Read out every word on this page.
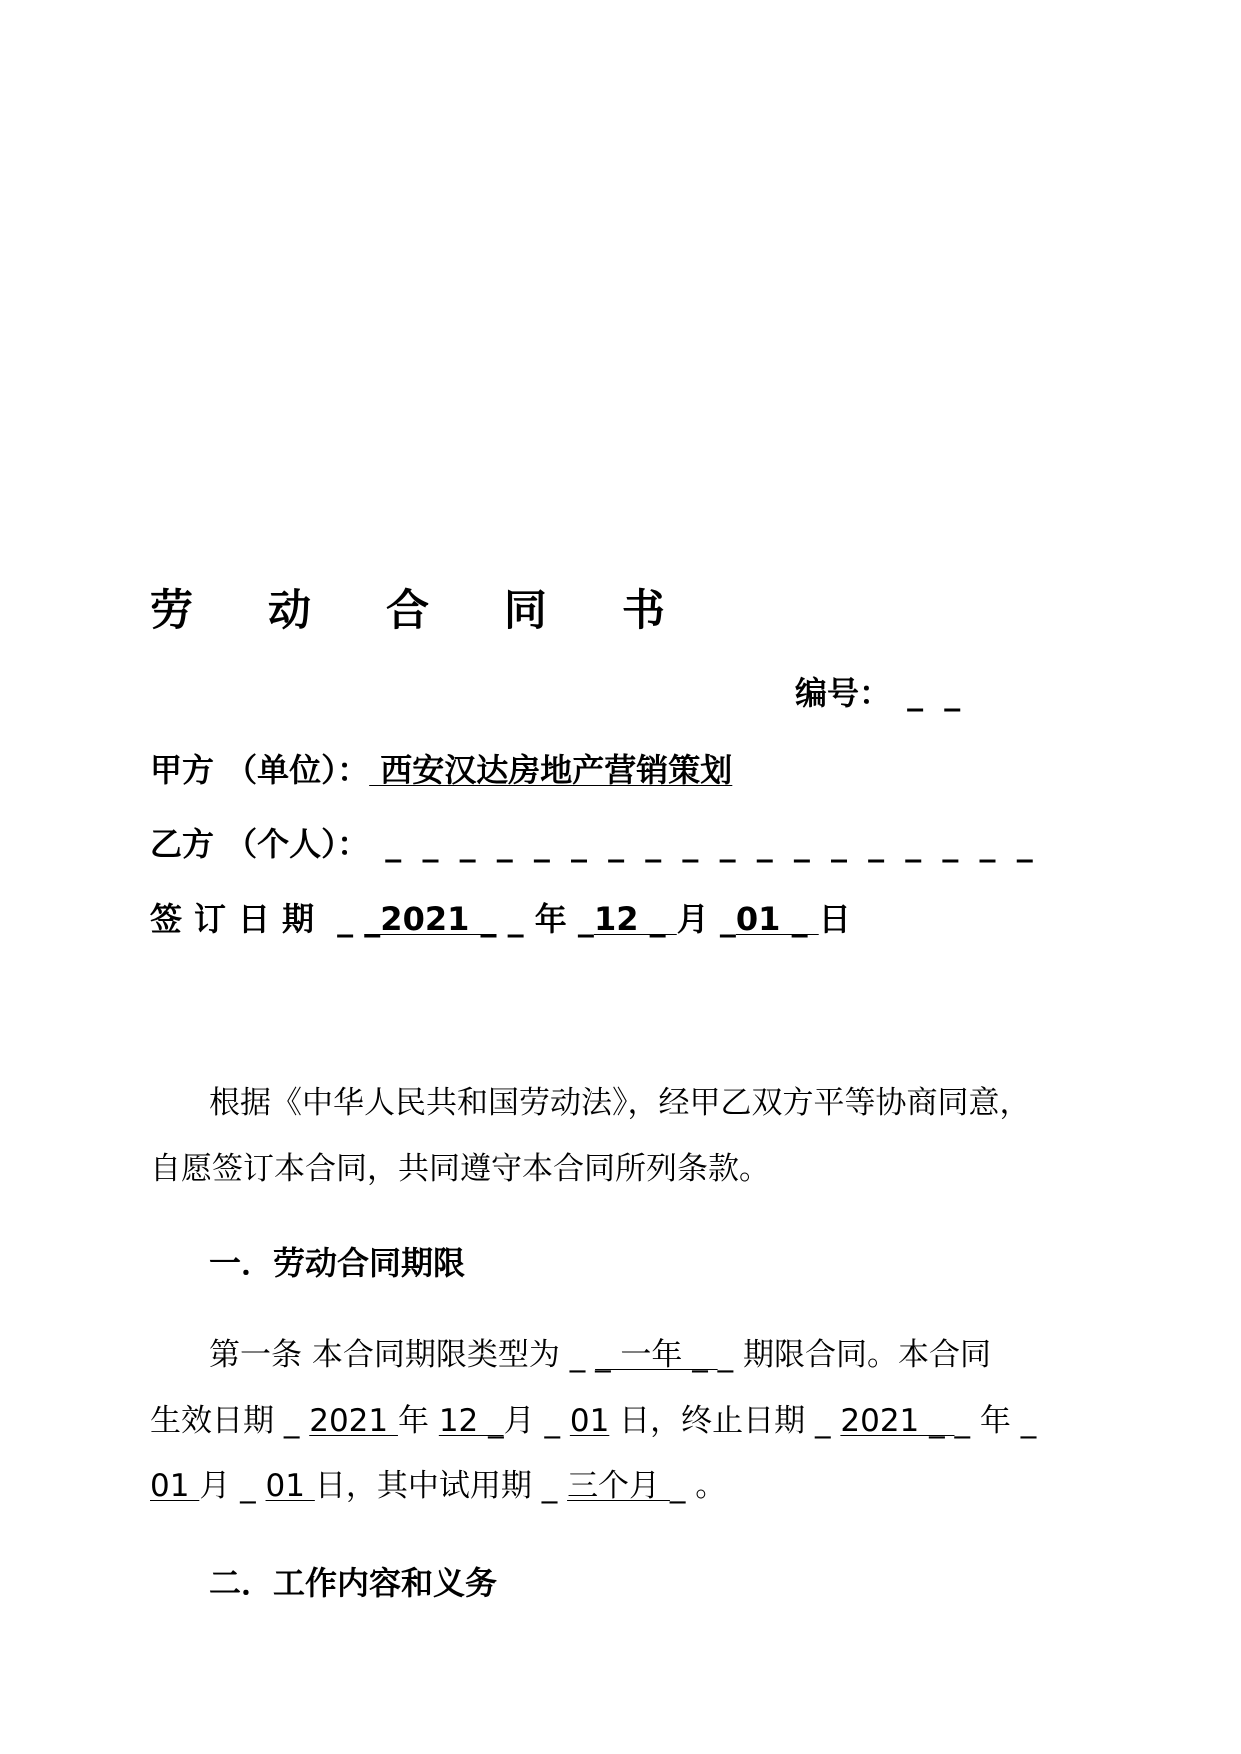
劳 动 合 同 书
编号： _ _
甲方 （单位）： 西安汉达房地产营销策划
乙方 （个人）： _ _ _ _ _ _ _ _ _ _ _ _ _ _ _ _ _ _
签订日期 _ _2021 _ _ 年 _12 _ 月 _01 _ 日
根据《中华人民共和国劳动法》，经甲乙双方平等协商同意，
自愿签订本合同，共同遵守本合同所列条款。
一．劳动合同期限
第一条 本合同期限类型为 _ _ 一年 _ _ 期限合同。本合同
生效日期 _ 2021 年 12 _月 _ 01 日，终止日期 _ 2021 _ _ 年 _
01 月 _ 01 日，其中试用期 _ 三个月 _ 。
二．工作内容和义务
